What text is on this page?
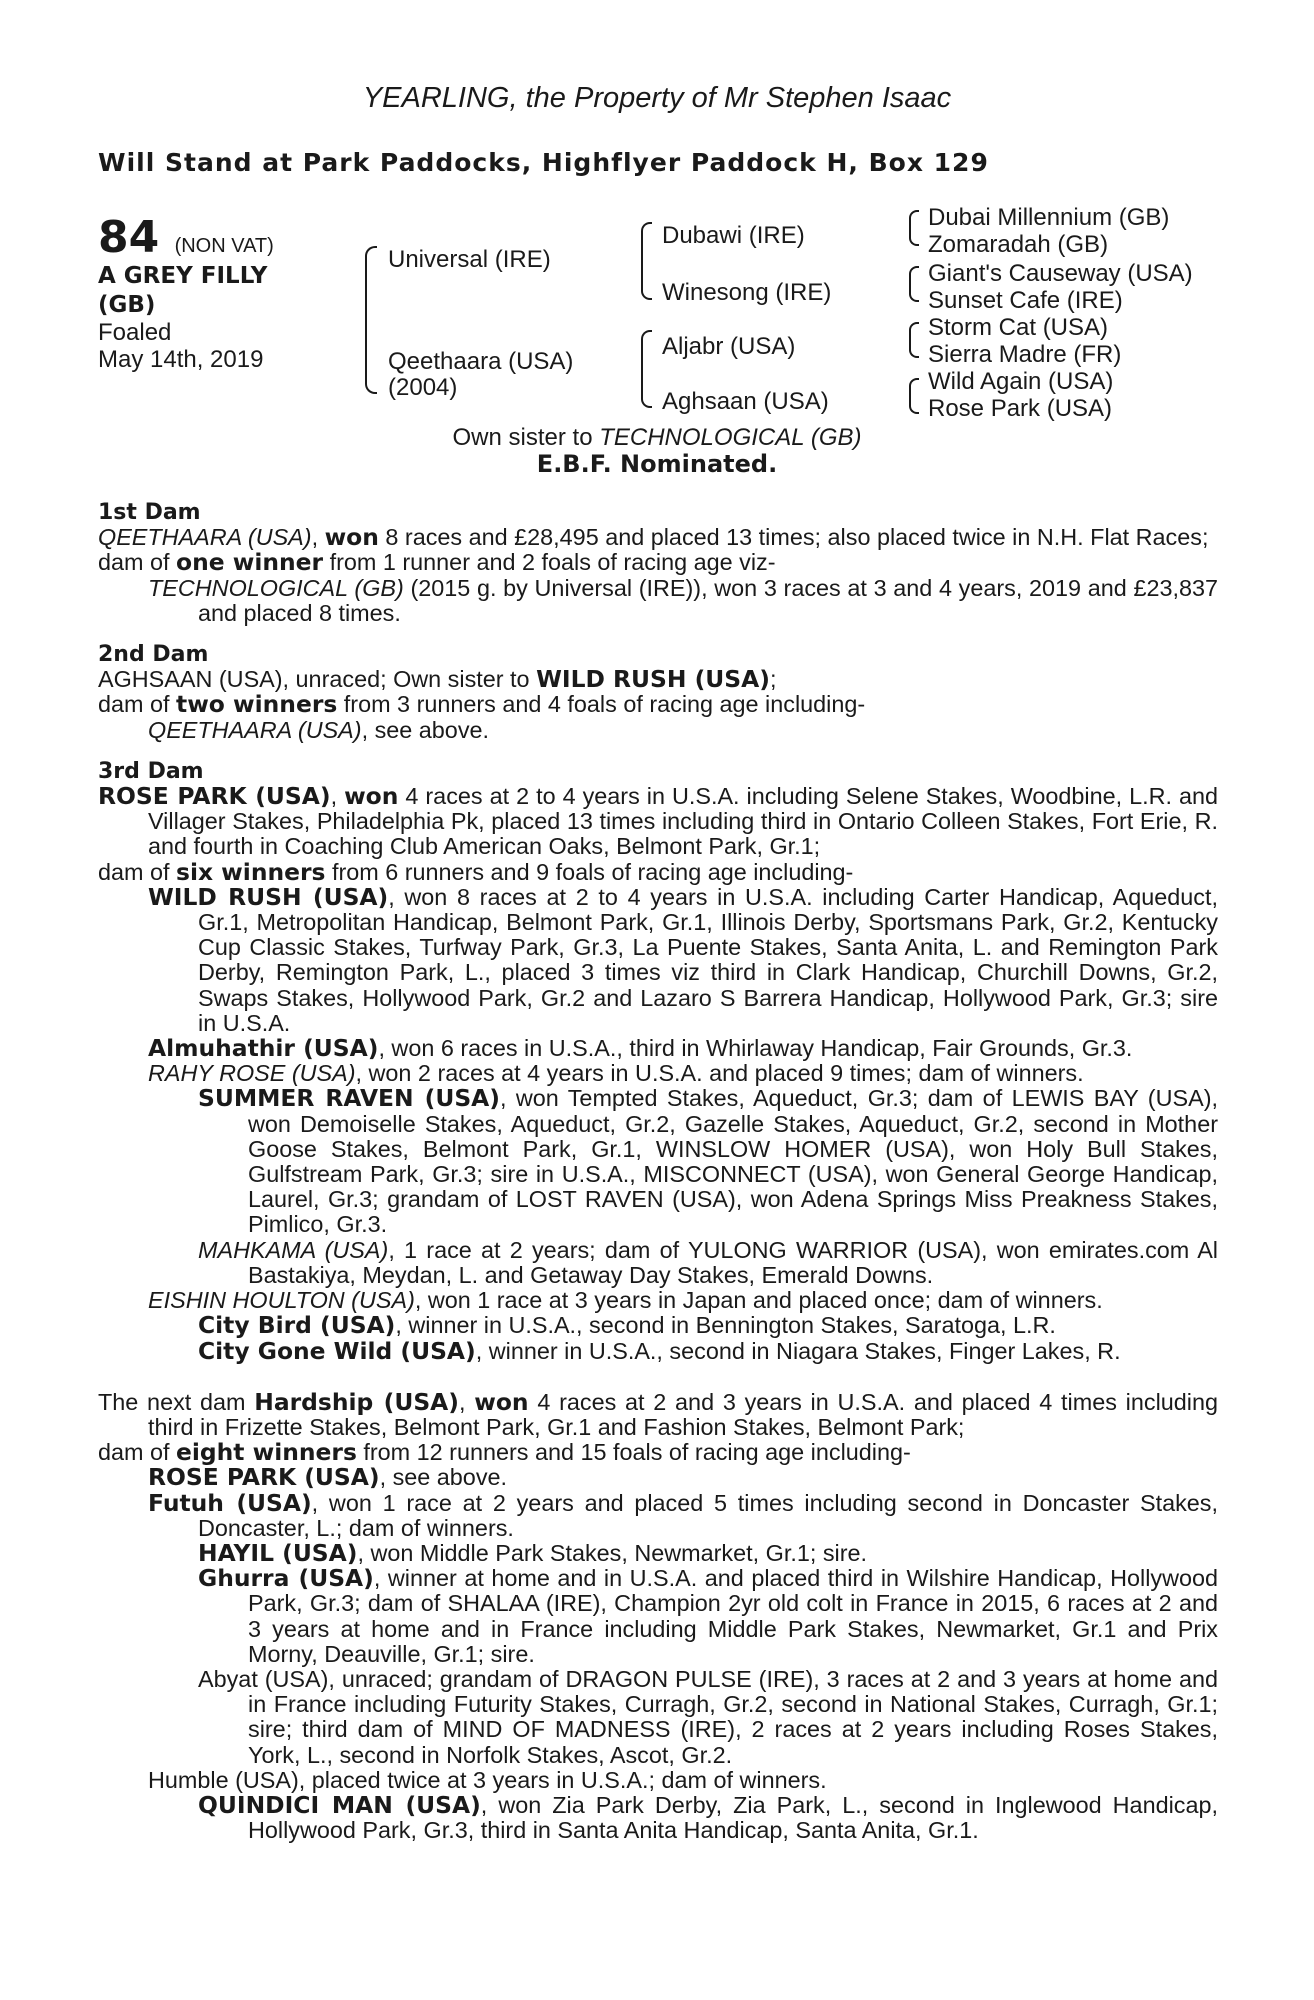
YEARLING, the Property of Mr Stephen Isaac
Will Stand at Park Paddocks, Highflyer Paddock H, Box 129
84 (NON VAT)
A GREY FILLY (GB)
Foaled
May 14th, 2019
Universal (IRE)
Qeethaara (USA)
(2004)
Dubawi (IRE)
Winesong (IRE)
Aljabr (USA)
Aghsaan (USA)
Dubai Millennium (GB)
Zomaradah (GB)
Giant's Causeway (USA)
Sunset Cafe (IRE)
Storm Cat (USA)
Sierra Madre (FR)
Wild Again (USA)
Rose Park (USA)
Own sister to TECHNOLOGICAL (GB)
E.B.F. Nominated.
1st Dam

QEETHAARA (USA), won 8 races and £28,495 and placed 13 times; also placed twice in N.H. Flat Races;

dam of one winner from 1 runner and 2 foals of racing age viz-

TECHNOLOGICAL (GB) (2015 g. by Universal (IRE)), won 3 races at 3 and 4 years, 2019 and £23,837 and placed 8 times.

2nd Dam

AGHSAAN (USA), unraced; Own sister to WILD RUSH (USA);

dam of two winners from 3 runners and 4 foals of racing age including-

QEETHAARA (USA), see above.

3rd Dam

ROSE PARK (USA), won 4 races at 2 to 4 years in U.S.A. including Selene Stakes, Woodbine, L.R. and Villager Stakes, Philadelphia Pk, placed 13 times including third in Ontario Colleen Stakes, Fort Erie, R. and fourth in Coaching Club American Oaks, Belmont Park, Gr.1;

dam of six winners from 6 runners and 9 foals of racing age including-

WILD RUSH (USA), won 8 races at 2 to 4 years in U.S.A. including Carter Handicap, Aqueduct, Gr.1, Metropolitan Handicap, Belmont Park, Gr.1, Illinois Derby, Sportsmans Park, Gr.2, Kentucky Cup Classic Stakes, Turfway Park, Gr.3, La Puente Stakes, Santa Anita, L. and Remington Park Derby, Remington Park, L., placed 3 times viz third in Clark Handicap, Churchill Downs, Gr.2, Swaps Stakes, Hollywood Park, Gr.2 and Lazaro S Barrera Handicap, Hollywood Park, Gr.3; sire in U.S.A.

Almuhathir (USA), won 6 races in U.S.A., third in Whirlaway Handicap, Fair Grounds, Gr.3.

RAHY ROSE (USA), won 2 races at 4 years in U.S.A. and placed 9 times; dam of winners.

SUMMER RAVEN (USA), won Tempted Stakes, Aqueduct, Gr.3; dam of LEWIS BAY (USA), won Demoiselle Stakes, Aqueduct, Gr.2, Gazelle Stakes, Aqueduct, Gr.2, second in Mother Goose Stakes, Belmont Park, Gr.1, WINSLOW HOMER (USA), won Holy Bull Stakes, Gulfstream Park, Gr.3; sire in U.S.A., MISCONNECT (USA), won General George Handicap, Laurel, Gr.3; grandam of LOST RAVEN (USA), won Adena Springs Miss Preakness Stakes, Pimlico, Gr.3.

MAHKAMA (USA), 1 race at 2 years; dam of YULONG WARRIOR (USA), won emirates.com Al Bastakiya, Meydan, L. and Getaway Day Stakes, Emerald Downs.

EISHIN HOULTON (USA), won 1 race at 3 years in Japan and placed once; dam of winners.

City Bird (USA), winner in U.S.A., second in Bennington Stakes, Saratoga, L.R.

City Gone Wild (USA), winner in U.S.A., second in Niagara Stakes, Finger Lakes, R.

The next dam Hardship (USA), won 4 races at 2 and 3 years in U.S.A. and placed 4 times including third in Frizette Stakes, Belmont Park, Gr.1 and Fashion Stakes, Belmont Park;

dam of eight winners from 12 runners and 15 foals of racing age including-

ROSE PARK (USA), see above.

Futuh (USA), won 1 race at 2 years and placed 5 times including second in Doncaster Stakes, Doncaster, L.; dam of winners.

HAYIL (USA), won Middle Park Stakes, Newmarket, Gr.1; sire.

Ghurra (USA), winner at home and in U.S.A. and placed third in Wilshire Handicap, Hollywood Park, Gr.3; dam of SHALAA (IRE), Champion 2yr old colt in France in 2015, 6 races at 2 and 3 years at home and in France including Middle Park Stakes, Newmarket, Gr.1 and Prix Morny, Deauville, Gr.1; sire.

Abyat (USA), unraced; grandam of DRAGON PULSE (IRE), 3 races at 2 and 3 years at home and in France including Futurity Stakes, Curragh, Gr.2, second in National Stakes, Curragh, Gr.1; sire; third dam of MIND OF MADNESS (IRE), 2 races at 2 years including Roses Stakes, York, L., second in Norfolk Stakes, Ascot, Gr.2.

Humble (USA), placed twice at 3 years in U.S.A.; dam of winners.

QUINDICI MAN (USA), won Zia Park Derby, Zia Park, L., second in Inglewood Handicap, Hollywood Park, Gr.3, third in Santa Anita Handicap, Santa Anita, Gr.1.
